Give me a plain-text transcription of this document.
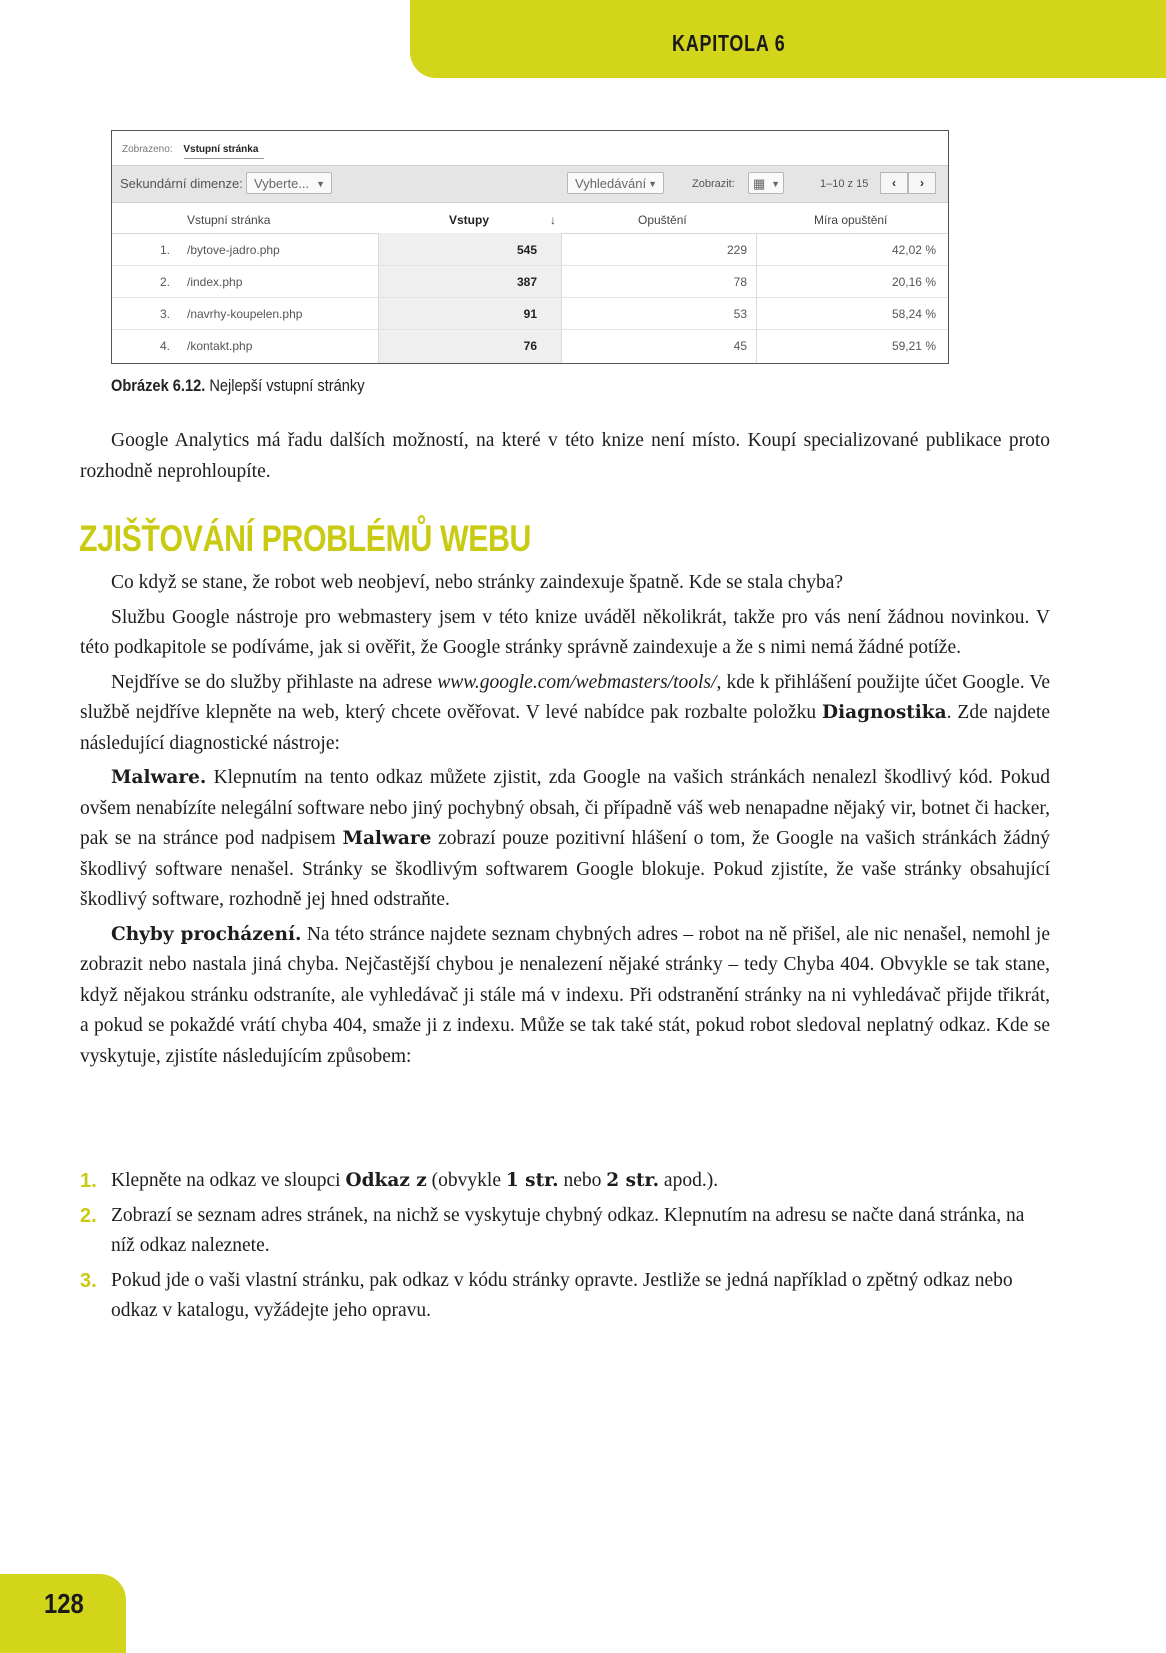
KAPITOLA 6
Zobrazeno: Vstupní stránka
Sekundární dimenze: Vyberte... ▼	Vyhledávání ▼	Zobrazit:	▦ ▼	1–10 z 15	‹	›
Vstupní stránka	Vstupy	↓	Opuštění	Míra opuštění
1. /bytove-jadro.php	545	229	42,02 %
2. /index.php	387	78	20,16 %
3. /navrhy-koupelen.php	91	53	58,24 %
4. /kontakt.php	76	45	59,21 %
Obrázek 6.12. Nejlepší vstupní stránky

Google Analytics má řadu dalších možností, na které v této knize není místo. Koupí specializované publikace proto rozhodně neprohloupíte.

ZJIŠŤOVÁNÍ PROBLÉMŮ WEBU

Co když se stane, že robot web neobjeví, nebo stránky zaindexuje špatně. Kde se stala chyba?

Službu Google nástroje pro webmastery jsem v této knize uváděl několikrát, takže pro vás není žádnou novinkou. V této podkapitole se podíváme, jak si ověřit, že Google stránky správně zaindexuje a že s nimi nemá žádné potíže.

Nejdříve se do služby přihlaste na adrese www.google.com/webmasters/tools/, kde k přihlášení použijte účet Google. Ve službě nejdříve klepněte na web, který chcete ověřovat. V levé nabídce pak rozbalte položku Diagnostika. Zde najdete následující diagnostické nástroje:

Malware. Klepnutím na tento odkaz můžete zjistit, zda Google na vašich stránkách nenalezl škodlivý kód. Pokud ovšem nenabízíte nelegální software nebo jiný pochybný obsah, či případně váš web nenapadne nějaký vir, botnet či hacker, pak se na stránce pod nadpisem Malware zobrazí pouze pozitivní hlášení o tom, že Google na vašich stránkách žádný škodlivý software nenašel. Stránky se škodlivým softwarem Google blokuje. Pokud zjistíte, že vaše stránky obsahující škodlivý software, rozhodně jej hned odstraňte.

Chyby procházení. Na této stránce najdete seznam chybných adres – robot na ně přišel, ale nic nenašel, nemohl je zobrazit nebo nastala jiná chyba. Nejčastější chybou je nenalezení nějaké stránky – tedy Chyba 404. Obvykle se tak stane, když nějakou stránku odstraníte, ale vyhledávač ji stále má v indexu. Při odstranění stránky na ni vyhledávač přijde třikrát, a pokud se pokaždé vrátí chyba 404, smaže ji z indexu. Může se tak také stát, pokud robot sledoval neplatný odkaz. Kde se vyskytuje, zjistíte následujícím způsobem:

1. Klepněte na odkaz ve sloupci Odkaz z (obvykle 1 str. nebo 2 str. apod.).
2. Zobrazí se seznam adres stránek, na nichž se vyskytuje chybný odkaz. Klepnutím na adresu se načte daná stránka, na níž odkaz naleznete.
3. Pokud jde o vaši vlastní stránku, pak odkaz v kódu stránky opravte. Jestliže se jedná například o zpětný odkaz nebo odkaz v katalogu, vyžádejte jeho opravu.
128
